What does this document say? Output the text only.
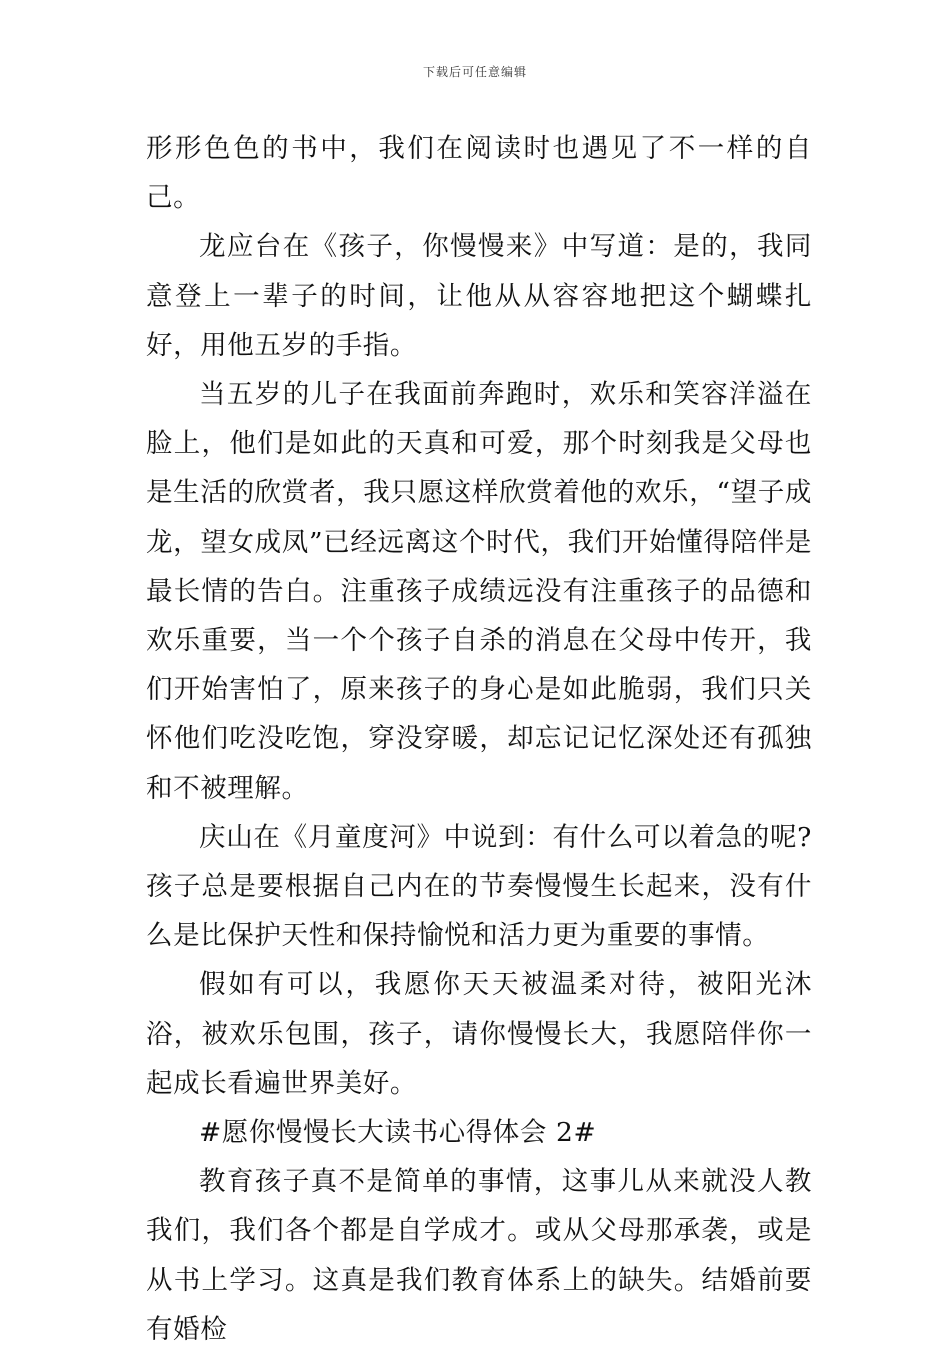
下载后可任意编辑

形形色色的书中，我们在阅读时也遇见了不一样的自己。

龙应台在《孩子，你慢慢来》中写道：是的，我同意登上一辈子的时间，让他从从容容地把这个蝴蝶扎好，用他五岁的手指。

当五岁的儿子在我面前奔跑时，欢乐和笑容洋溢在脸上，他们是如此的天真和可爱，那个时刻我是父母也是生活的欣赏者，我只愿这样欣赏着他的欢乐，“望子成龙，望女成凤”已经远离这个时代，我们开始懂得陪伴是最长情的告白。注重孩子成绩远没有注重孩子的品德和欢乐重要，当一个个孩子自杀的消息在父母中传开，我们开始害怕了，原来孩子的身心是如此脆弱，我们只关怀他们吃没吃饱，穿没穿暖，却忘记记忆深处还有孤独和不被理解。

庆山在《月童度河》中说到：有什么可以着急的呢?孩子总是要根据自己内在的节奏慢慢生长起来，没有什么是比保护天性和保持愉悦和活力更为重要的事情。

假如有可以，我愿你天天被温柔对待，被阳光沐浴，被欢乐包围，孩子，请你慢慢长大，我愿陪伴你一起成长看遍世界美好。

#愿你慢慢长大读书心得体会 2#

教育孩子真不是简单的事情，这事儿从来就没人教我们，我们各个都是自学成才。或从父母那承袭，或是从书上学习。这真是我们教育体系上的缺失。结婚前要有婚检
